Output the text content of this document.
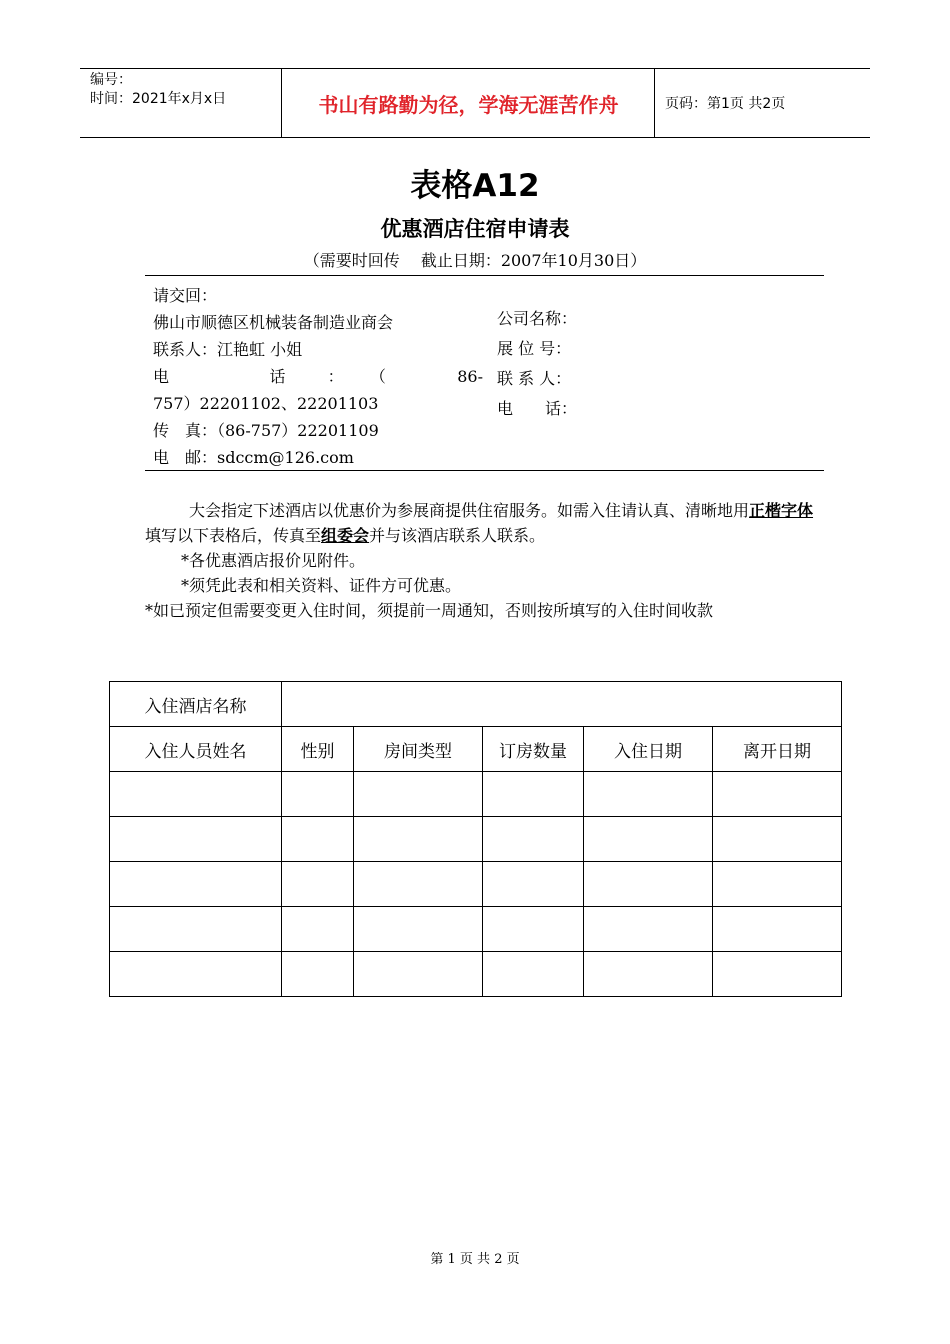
编号：
时间：2021年x月x日	书山有路勤为径，学海无涯苦作舟	页码：第1页 共2页
表格A12
优惠酒店住宿申请表
（需要时回传　 截止日期：2007年10月30日）
请交回：
佛山市顺德区机械装备制造业商会
联系人：江艳虹 小姐
电　　　话　：　（　　86-
757）22201102、22201103
传　真：（86-757）22201109
电　邮：sdccm@126.com
公司名称：
展 位 号：
联 系 人：
电　　话：
大会指定下述酒店以优惠价为参展商提供住宿服务。如需入住请认真、清晰地用正楷字体填写以下表格后，传真至组委会并与该酒店联系人联系。
*各优惠酒店报价见附件。
*须凭此表和相关资料、证件方可优惠。
*如已预定但需要变更入住时间，须提前一周通知，否则按所填写的入住时间收款
入住酒店名称					
入住人员姓名	性别	房间类型	订房数量	入住日期	离开日期

第 1 页 共 2 页
